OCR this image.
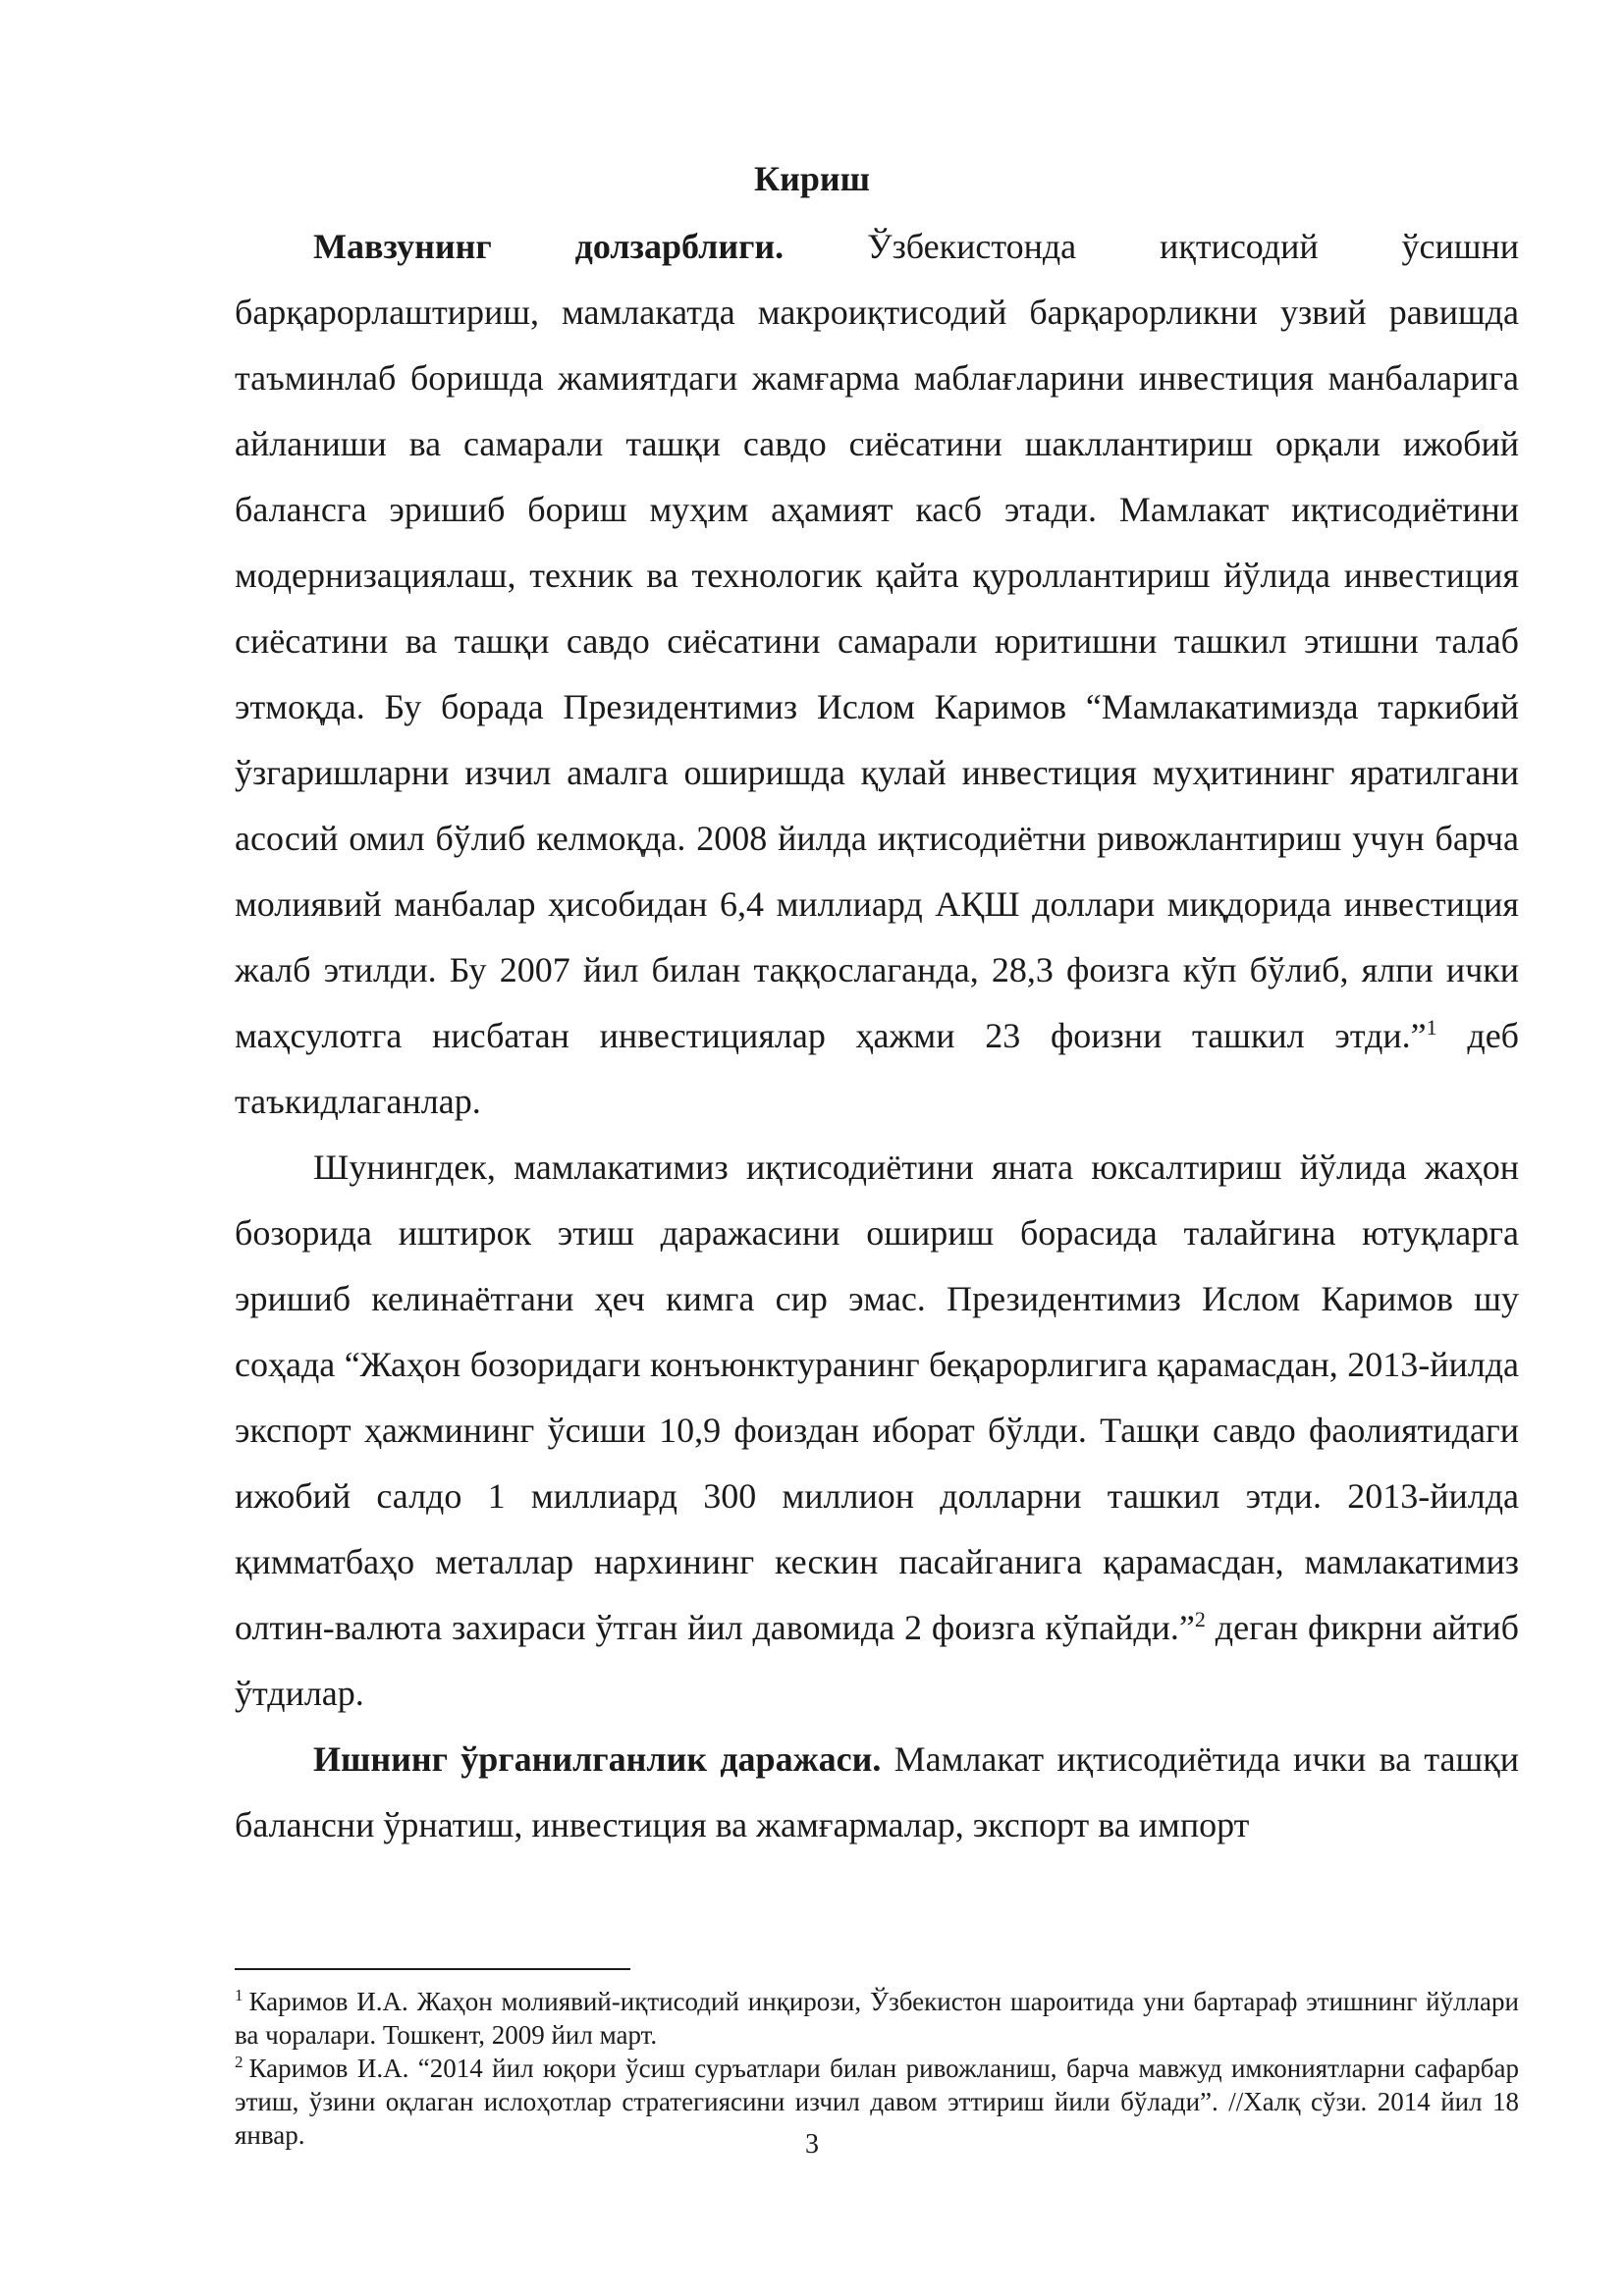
Кириш

Мавзунинг долзарблиги. Ўзбекистонда иқтисодий ўсишни барқарорлаштириш, мамлакатда макроиқтисодий барқарорликни узвий равишда таъминлаб боришда жамиятдаги жамғарма маблағларини инвестиция манбаларига айланиши ва самарали ташқи савдо сиёсатини шакллантириш орқали ижобий балансга эришиб бориш муҳим аҳамият касб этади. Мамлакат иқтисодиётини модернизациялаш, техник ва технологик қайта қуроллантириш йўлида инвестиция сиёсатини ва ташқи савдо сиёсатини самарали юритишни ташкил этишни талаб этмоқда. Бу борада Президентимиз Ислом Каримов “Мамлакатимизда таркибий ўзгаришларни изчил амалга оширишда қулай инвестиция муҳитининг яратилгани асосий омил бўлиб келмоқда. 2008 йилда иқтисодиётни ривожлантириш учун барча молиявий манбалар ҳисобидан 6,4 миллиард АҚШ доллари миқдорида инвестиция жалб этилди. Бу 2007 йил билан таққослаганда, 28,3 фоизга кўп бўлиб, ялпи ички маҳсулотга нисбатан инвестициялар ҳажми 23 фоизни ташкил этди.”$^1$ деб таъкидлаганлар.

Шунингдек, мамлакатимиз иқтисодиётини яната юксалтириш йўлида жаҳон бозорида иштирок этиш даражасини ошириш борасида талайгина ютуқларга эришиб келинаётгани ҳеч кимга сир эмас. Президентимиз Ислом Каримов шу соҳада “Жаҳон бозоридаги конъюнктуранинг беқарорлигига қарамасдан, 2013-йилда экспорт ҳажмининг ўсиши 10,9 фоиздан иборат бўлди. Ташқи савдо фаолиятидаги ижобий салдо 1 миллиард 300 миллион долларни ташкил этди. 2013-йилда қимматбаҳо металлар нархининг кескин пасайганига қарамасдан, мамлакатимиз олтин-валюта захираси ўтган йил давомида 2 фоизга кўпайди.”$^2$ деган фикрни айтиб ўтдилар.

Ишнинг ўрганилганлик даражаси. Мамлакат иқтисодиётида ички ва ташқи балансни ўрнатиш, инвестиция ва жамғармалар, экспорт ва импорт

$^1$ Каримов И.А. Жаҳон молиявий-иқтисодий инқирози, Ўзбекистон шароитида уни бартараф этишнинг йўллари ва чоралари. Тошкент, 2009 йил март.

$^2$ Каримов И.А. “2014 йил юқори ўсиш суръатлари билан ривожланиш, барча мавжуд имкониятларни сафарбар этиш, ўзини оқлаган ислоҳотлар стратегиясини изчил давом эттириш йили бўлади”. //Халқ сўзи. 2014 йил 18 январ.	3
